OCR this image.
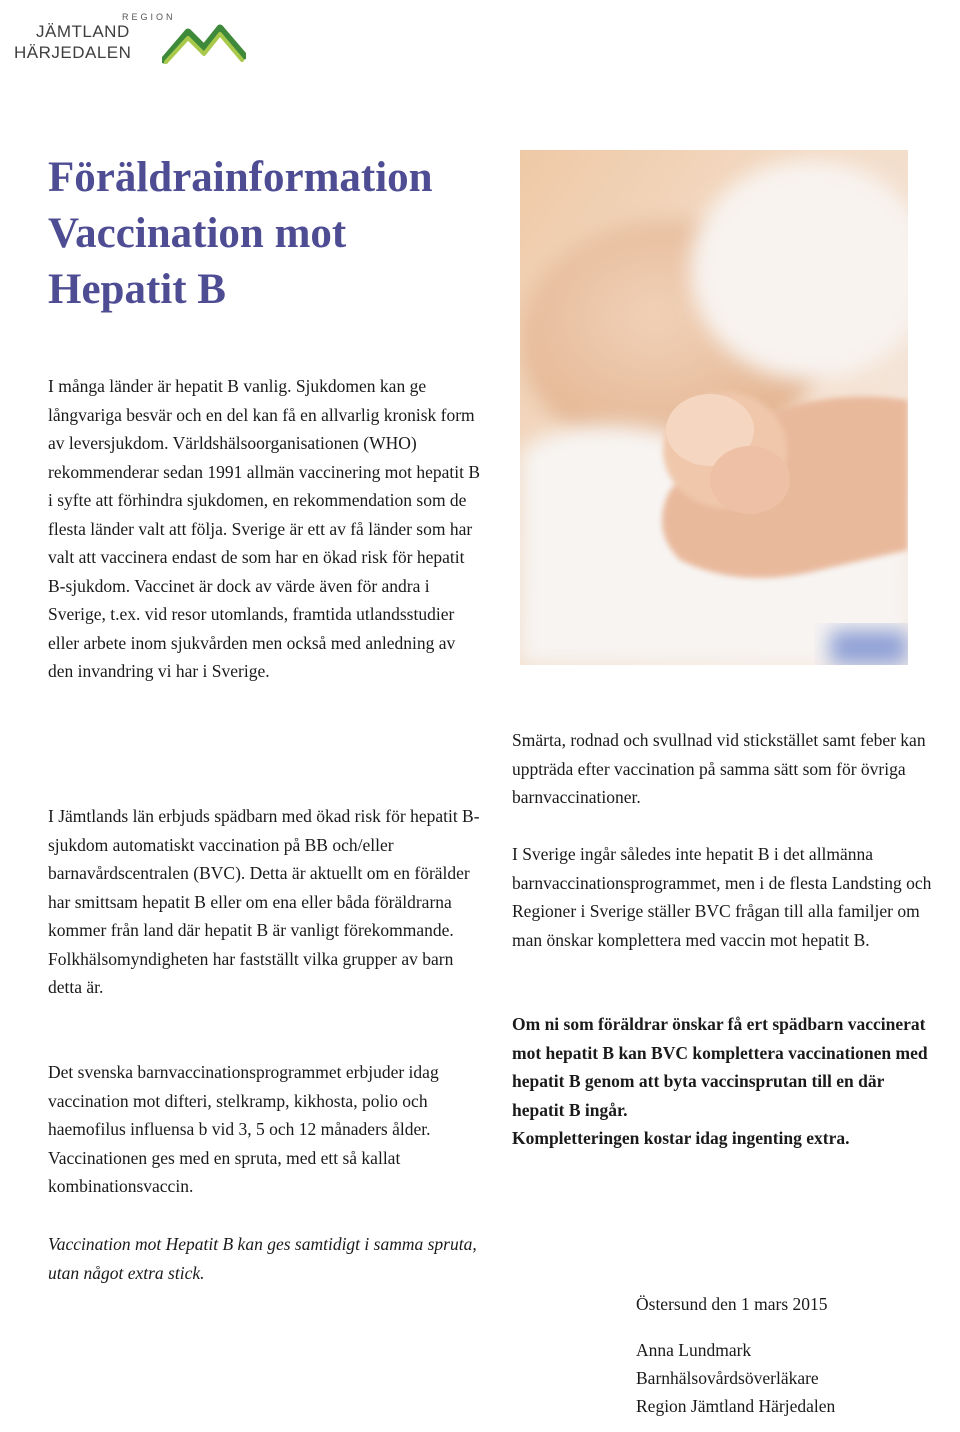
REGION
JÄMTLAND
HÄRJEDALEN
Föräldrainformation
Vaccination mot
Hepatit B

I många länder är hepatit B vanlig. Sjukdomen kan ge långvariga besvär och en del kan få en allvarlig kronisk form av leversjukdom. Världshälsoorganisationen (WHO) rekommenderar sedan 1991 allmän vaccinering mot hepatit B i syfte att förhindra sjukdomen, en rekommendation som de flesta länder valt att följa. Sverige är ett av få länder som har valt att vaccinera endast de som har en ökad risk för hepatit B-sjukdom. Vaccinet är dock av värde även för andra i Sverige, t.ex. vid resor utomlands, framtida utlandsstudier eller arbete inom sjukvården men också med anledning av den invandring vi har i Sverige.

I Jämtlands län erbjuds spädbarn med ökad risk för hepatit B-sjukdom automatiskt vaccination på BB och/eller barnavårdscentralen (BVC). Detta är aktuellt om en förälder har smittsam hepatit B eller om ena eller båda föräldrarna kommer från land där hepatit B är vanligt förekommande. Folkhälsomyndigheten har fastställt vilka grupper av barn detta är.

Det svenska barnvaccinationsprogrammet erbjuder idag vaccination mot difteri, stelkramp, kikhosta, polio och haemofilus influensa b vid 3, 5 och 12 månaders ålder. Vaccinationen ges med en spruta, med ett så kallat kombinationsvaccin.

Vaccination mot Hepatit B kan ges samtidigt i samma spruta, utan något extra stick.

Smärta, rodnad och svullnad vid stickstället samt feber kan uppträda efter vaccination på samma sätt som för övriga barnvaccinationer.

I Sverige ingår således inte hepatit B i det allmänna barnvaccinationsprogrammet, men i de flesta Landsting och Regioner i Sverige ställer BVC frågan till alla familjer om man önskar komplettera med vaccin mot hepatit B.

Om ni som föräldrar önskar få ert spädbarn vaccinerat mot hepatit B kan BVC komplettera vaccinationen med hepatit B genom att byta vaccinsprutan till en där hepatit B ingår.
Kompletteringen kostar idag ingenting extra.
Östersund den 1 mars 2015
Anna Lundmark
Barnhälsovårdsöverläkare
Region Jämtland Härjedalen
